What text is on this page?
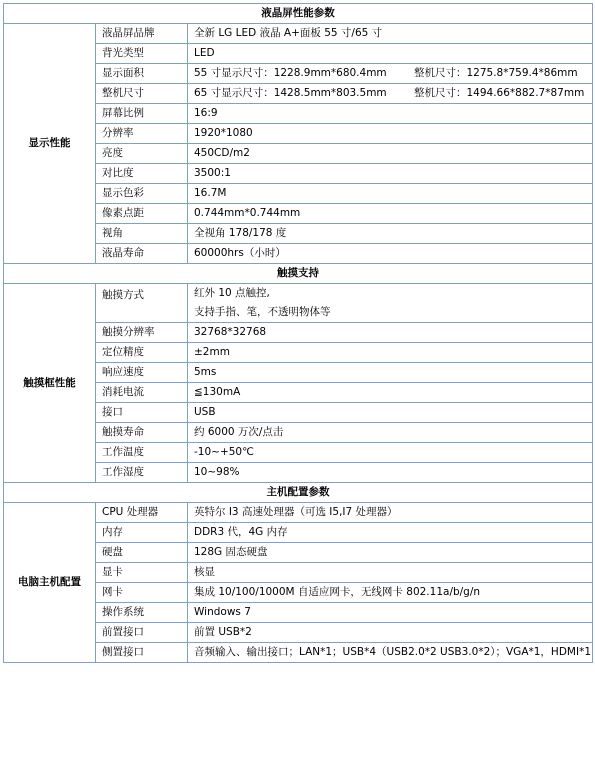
液晶屏性能参数		
显示性能	液晶屏品牌	全新 LG LED 液晶 A+面板 55 寸/65 寸
	背光类型	LED
	显示面积	55 寸显示尺寸：1228.9mm*680.4mm 整机尺寸：1275.8*759.4*86mm

	整机尺寸	65 寸显示尺寸：1428.5mm*803.5mm 整机尺寸：1494.66*882.7*87mm

	屏幕比例	16:9
	分辨率	1920*1080
	亮度	450CD/m2
	对比度	3500:1
	显示色彩	16.7M
	像素点距	0.744mm*0.744mm
	视角	全视角 178/178 度
	液晶寿命	60000hrs（小时）
触摸支持		
触摸框性能	触摸方式	红外 10 点触控,
支持手指、笔，不透明物体等

	触摸分辨率	32768*32768
	定位精度	±2mm
	响应速度	5ms
	消耗电流	≦130mA
	接口	USB
	触摸寿命	约 6000 万次/点击
	工作温度	-10~+50℃
	工作湿度	10~98%
主机配置参数		
电脑主机配置	CPU 处理器	英特尔 I3 高速处理器（可选 I5,I7 处理器）
	内存	DDR3 代，4G 内存
	硬盘	128G 固态硬盘
	显卡	核显
	网卡	集成 10/100/1000M 自适应网卡，无线网卡 802.11a/b/g/n
	操作系统	Windows 7
	前置接口	前置 USB*2
	侧置接口	音频输入、输出接口；LAN*1；USB*4（USB2.0*2 USB3.0*2）；VGA*1，HDMI*1
